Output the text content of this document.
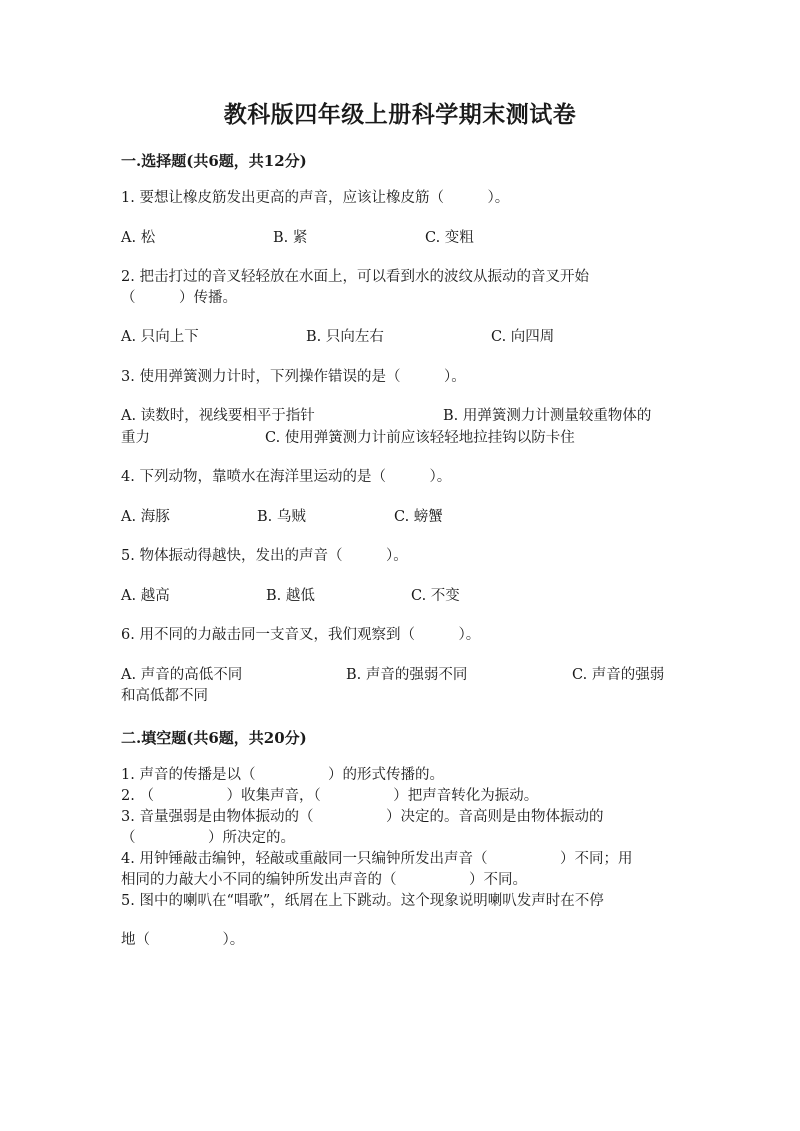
教科版四年级上册科学期末测试卷
一.选择题(共6题，共12分)
1. 要想让橡皮筋发出更高的声音，应该让橡皮筋（　　　）。
A. 松	B. 紧	C. 变粗
2. 把击打过的音叉轻轻放在水面上，可以看到水的波纹从振动的音叉开始
（　　　）传播。
A. 只向上下	B. 只向左右	C. 向四周
3. 使用弹簧测力计时，下列操作错误的是（　　　）。
A. 读数时，视线要相平于指针	B. 用弹簧测力计测量较重物体的
重力	C. 使用弹簧测力计前应该轻轻地拉挂钩以防卡住
4. 下列动物，靠喷水在海洋里运动的是（　　　）。
A. 海豚	B. 乌贼	C. 螃蟹
5. 物体振动得越快，发出的声音（　　　）。
A. 越高	B. 越低	C. 不变
6. 用不同的力敲击同一支音叉，我们观察到（　　　）。
A. 声音的高低不同	B. 声音的强弱不同	C. 声音的强弱
和高低都不同
二.填空题(共6题，共20分)
1. 声音的传播是以（　　　　　）的形式传播的。
2. （　　　　　）收集声音，（　　　　　）把声音转化为振动。
3. 音量强弱是由物体振动的（　　　　　）决定的。音高则是由物体振动的
（　　　　　）所决定的。
4. 用钟锤敲击编钟，轻敲或重敲同一只编钟所发出声音（　　　　　）不同；用
相同的力敲大小不同的编钟所发出声音的（　　　　　）不同。
5. 图中的喇叭在“唱歌”，纸屑在上下跳动。这个现象说明喇叭发声时在不停
地（　　　　　）。
